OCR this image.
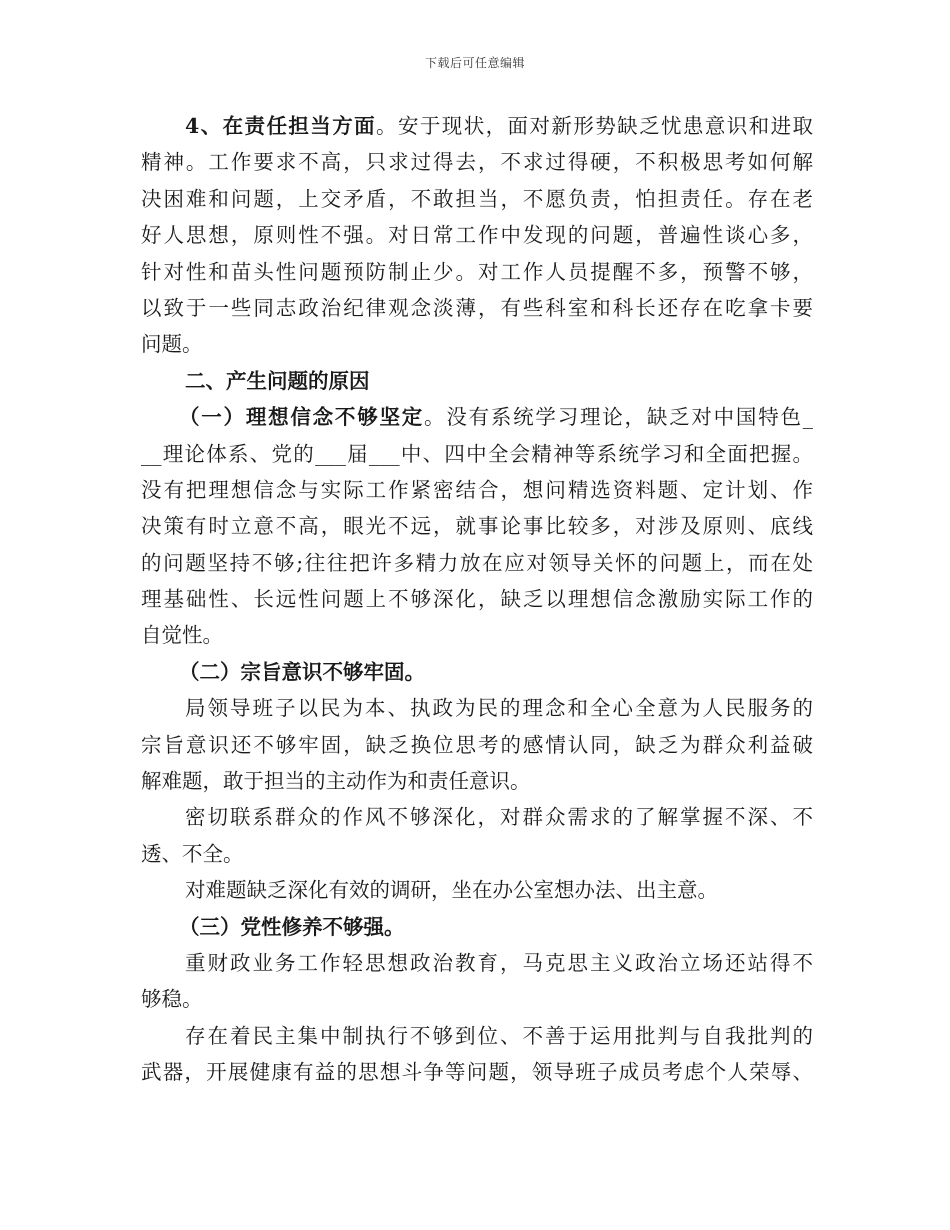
下载后可任意编辑
4、在责任担当方面。安于现状，面对新形势缺乏忧患意识和进取
精神。工作要求不高，只求过得去，不求过得硬，不积极思考如何解
决困难和问题，上交矛盾，不敢担当，不愿负责，怕担责任。存在老
好人思想，原则性不强。对日常工作中发现的问题，普遍性谈心多，
针对性和苗头性问题预防制止少。对工作人员提醒不多，预警不够，
以致于一些同志政治纪律观念淡薄，有些科室和科长还存在吃拿卡要
问题。
二、产生问题的原因
（一）理想信念不够坚定。没有系统学习理论，缺乏对中国特色_
__理论体系、党的___届___中、四中全会精神等系统学习和全面把握。
没有把理想信念与实际工作紧密结合，想问精选资料题、定计划、作
决策有时立意不高，眼光不远，就事论事比较多，对涉及原则、底线
的问题坚持不够;往往把许多精力放在应对领导关怀的问题上，而在处
理基础性、长远性问题上不够深化，缺乏以理想信念激励实际工作的
自觉性。
（二）宗旨意识不够牢固。
局领导班子以民为本、执政为民的理念和全心全意为人民服务的
宗旨意识还不够牢固，缺乏换位思考的感情认同，缺乏为群众利益破
解难题，敢于担当的主动作为和责任意识。
密切联系群众的作风不够深化，对群众需求的了解掌握不深、不
透、不全。
对难题缺乏深化有效的调研，坐在办公室想办法、出主意。
（三）党性修养不够强。
重财政业务工作轻思想政治教育，马克思主义政治立场还站得不
够稳。
存在着民主集中制执行不够到位、不善于运用批判与自我批判的
武器，开展健康有益的思想斗争等问题，领导班子成员考虑个人荣辱、
